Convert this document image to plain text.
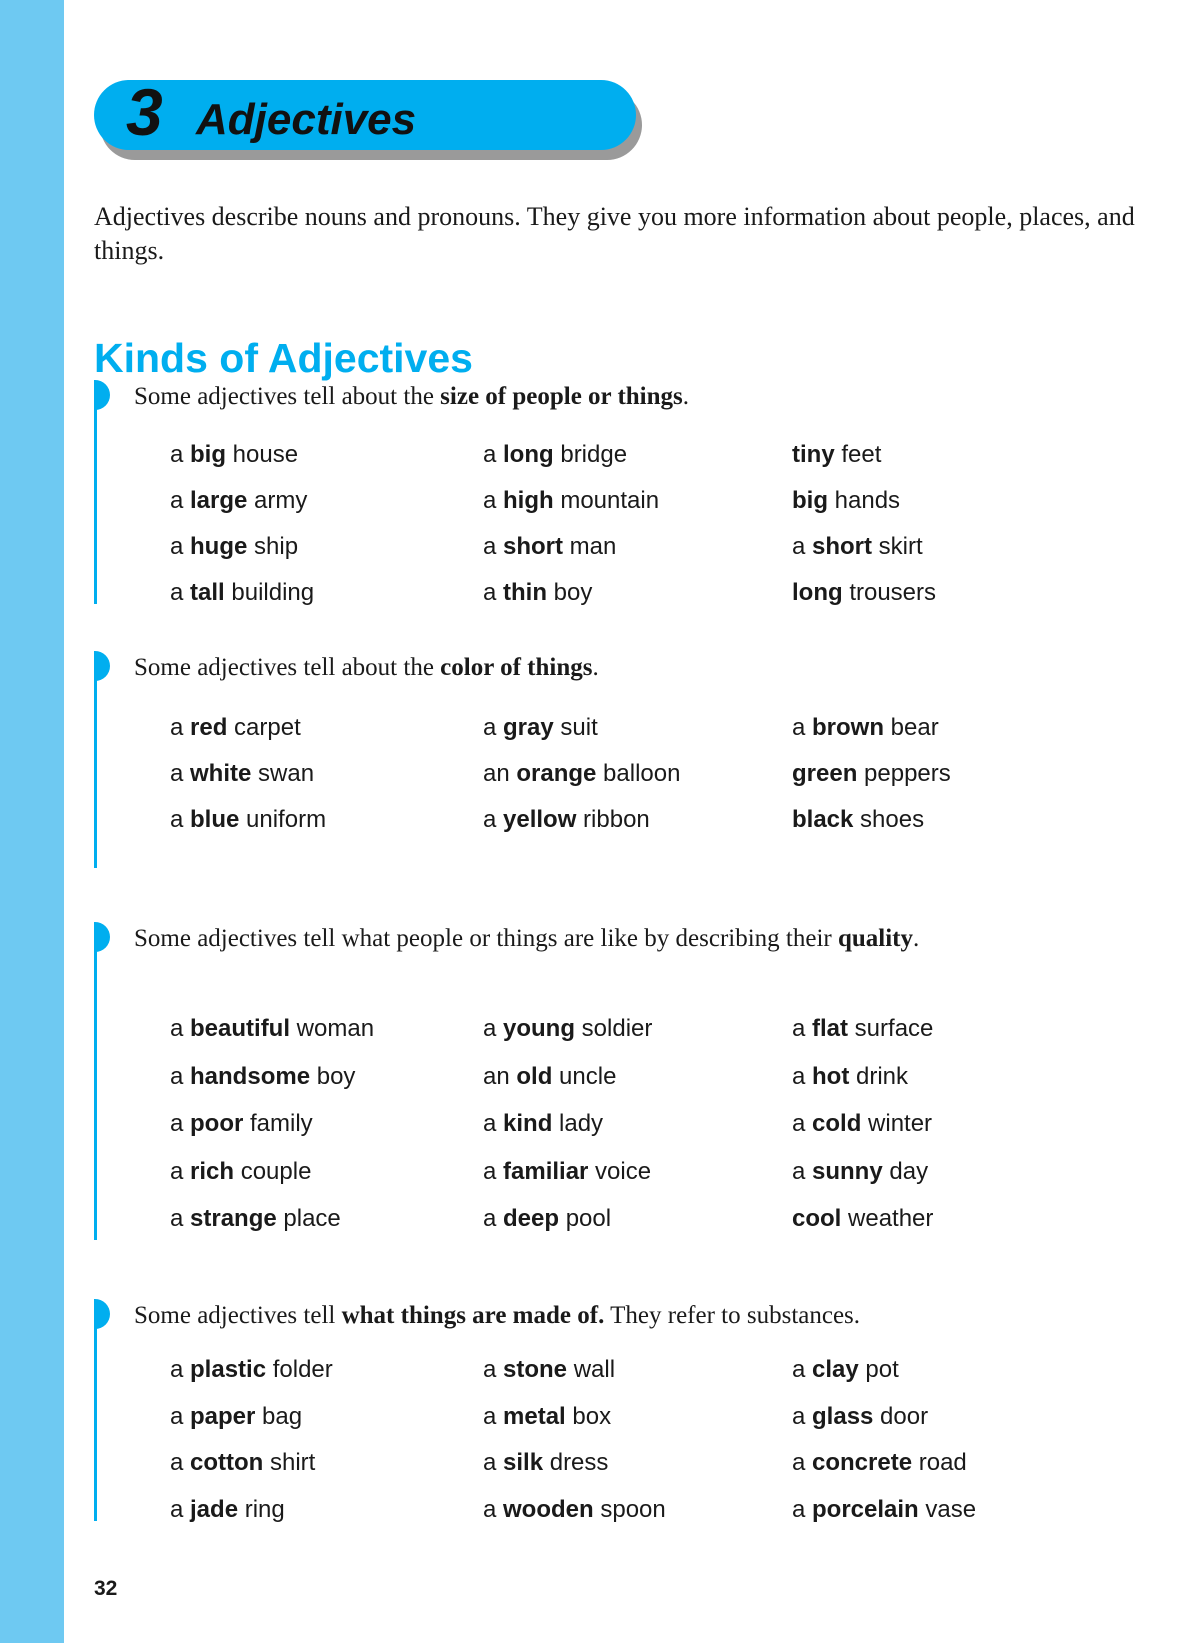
3 Adjectives

Adjectives describe nouns and pronouns. They give you more information about people, places, and things.

Kinds of Adjectives

Some adjectives tell about the size of people or things.

Some adjectives tell about the color of things.

Some adjectives tell what people or things are like by describing their quality.

Some adjectives tell what things are made of. They refer to substances.

32
a big house	a long bridge	tiny feet
a large army	a high mountain	big hands
a huge ship	a short man	a short skirt
a tall building	a thin boy	long trousers
a red carpet	a gray suit	a brown bear
a white swan	an orange balloon	green peppers
a blue uniform	a yellow ribbon	black shoes
a beautiful woman	a young soldier	a flat surface
a handsome boy	an old uncle	a hot drink
a poor family	a kind lady	a cold winter
a rich couple	a familiar voice	a sunny day
a strange place	a deep pool	cool weather
a plastic folder	a stone wall	a clay pot
a paper bag	a metal box	a glass door
a cotton shirt	a silk dress	a concrete road
a jade ring	a wooden spoon	a porcelain vase
